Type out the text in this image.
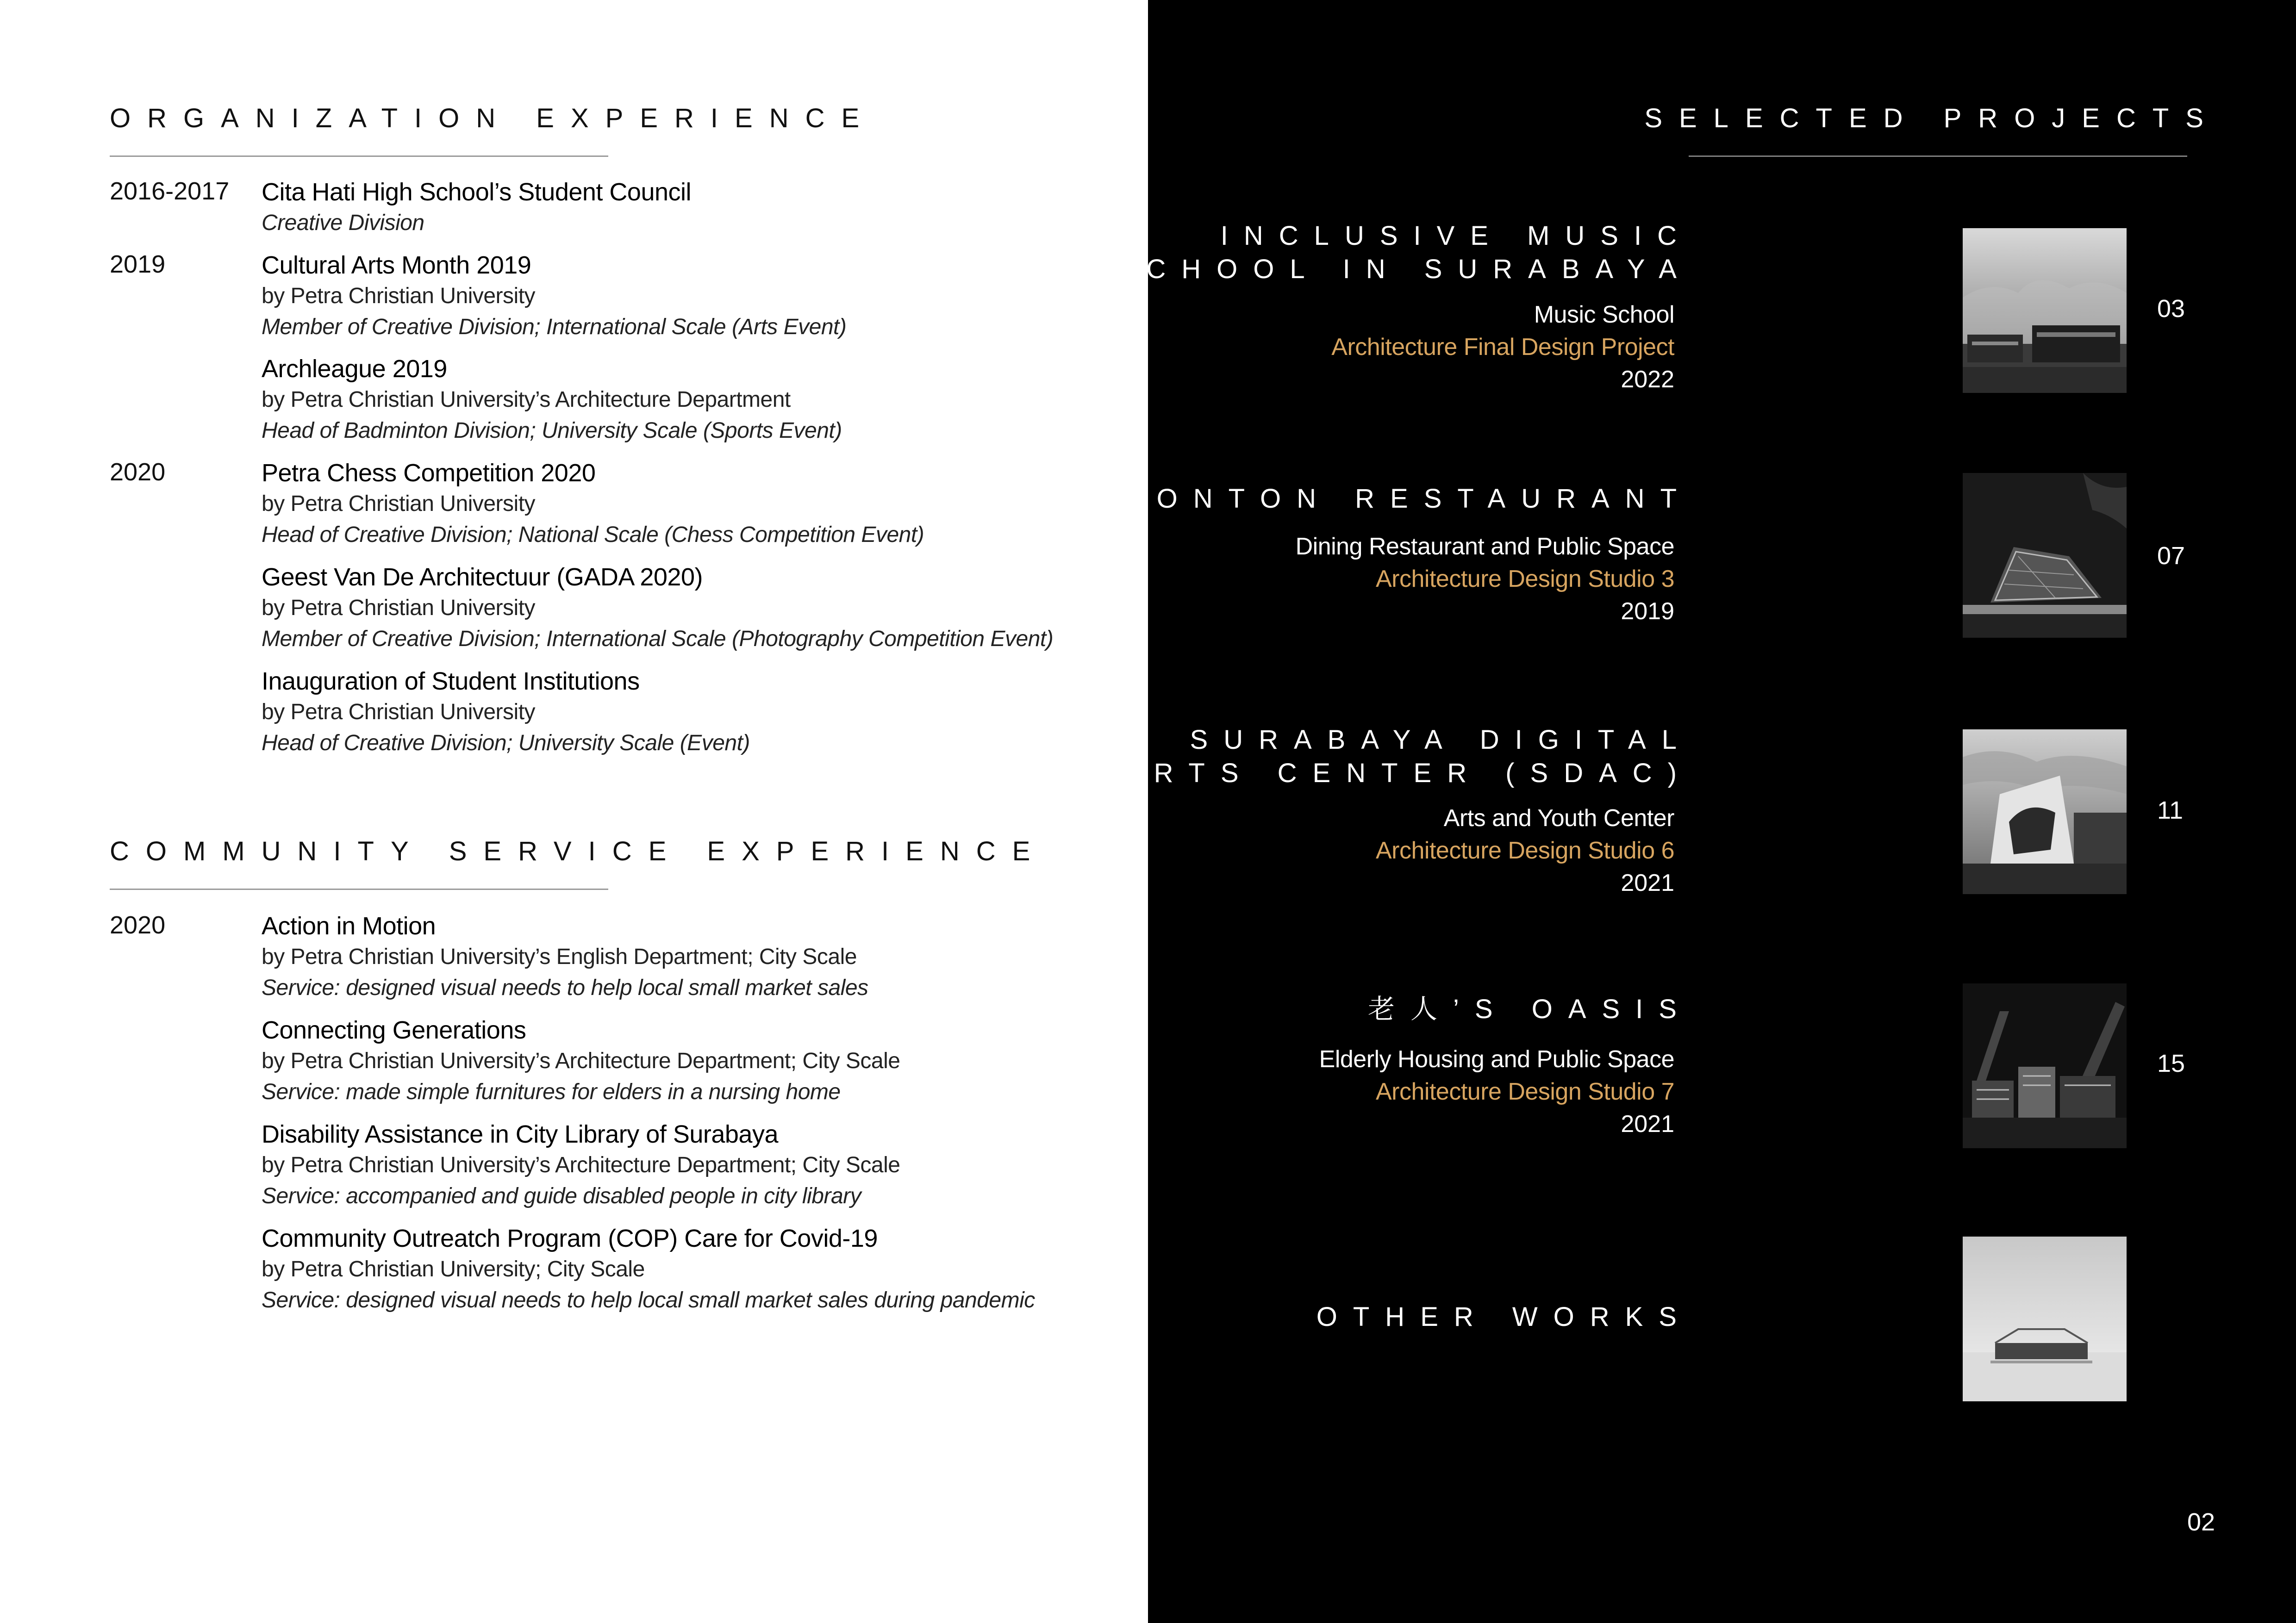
ORGANIZATION EXPERIENCE
2016-2017 Cita Hati High School’s Student Council
Creative Division
2019	Cultural Arts Month 2019
by Petra Christian University
Member of Creative Division; International Scale (Arts Event)
Archleague 2019
by Petra Christian University’s Architecture Department
Head of Badminton Division; University Scale (Sports Event)
2020	Petra Chess Competition 2020
by Petra Christian University
Head of Creative Division; National Scale (Chess Competition Event)
Geest Van De Architectuur (GADA 2020)
by Petra Christian University
Member of Creative Division; International Scale (Photography Competition Event)
Inauguration of Student Institutions
by Petra Christian University
Head of Creative Division; University Scale (Event)
COMMUNITY SERVICE EXPERIENCE
2020	Action in Motion
by Petra Christian University’s English Department; City Scale
Service: designed visual needs to help local small market sales
Connecting Generations
by Petra Christian University’s Architecture Department; City Scale
Service: made simple furnitures for elders in a nursing home
Disability Assistance in City Library of Surabaya
by Petra Christian University’s Architecture Department; City Scale
Service: accompanied and guide disabled people in city library
Community Outreatch Program (COP) Care for Covid-19
by Petra Christian University; City Scale
Service: designed visual needs to help local small market sales during pandemic
SELECTED PROJECTS
INCLUSIVE MUSIC
SCHOOL IN SURABAYA
Music School
Architecture Final Design Project
2022
03
WAONTON RESTAURANT
Dining Restaurant and Public Space
Architecture Design Studio 3
2019
07
SURABAYA DIGITAL
ARTS CENTER (SDAC)
Arts and Youth Center
Architecture Design Studio 6
2021
11
老人’S OASIS
Elderly Housing and Public Space
Architecture Design Studio 7
2021
15
OTHER WORKS
02
